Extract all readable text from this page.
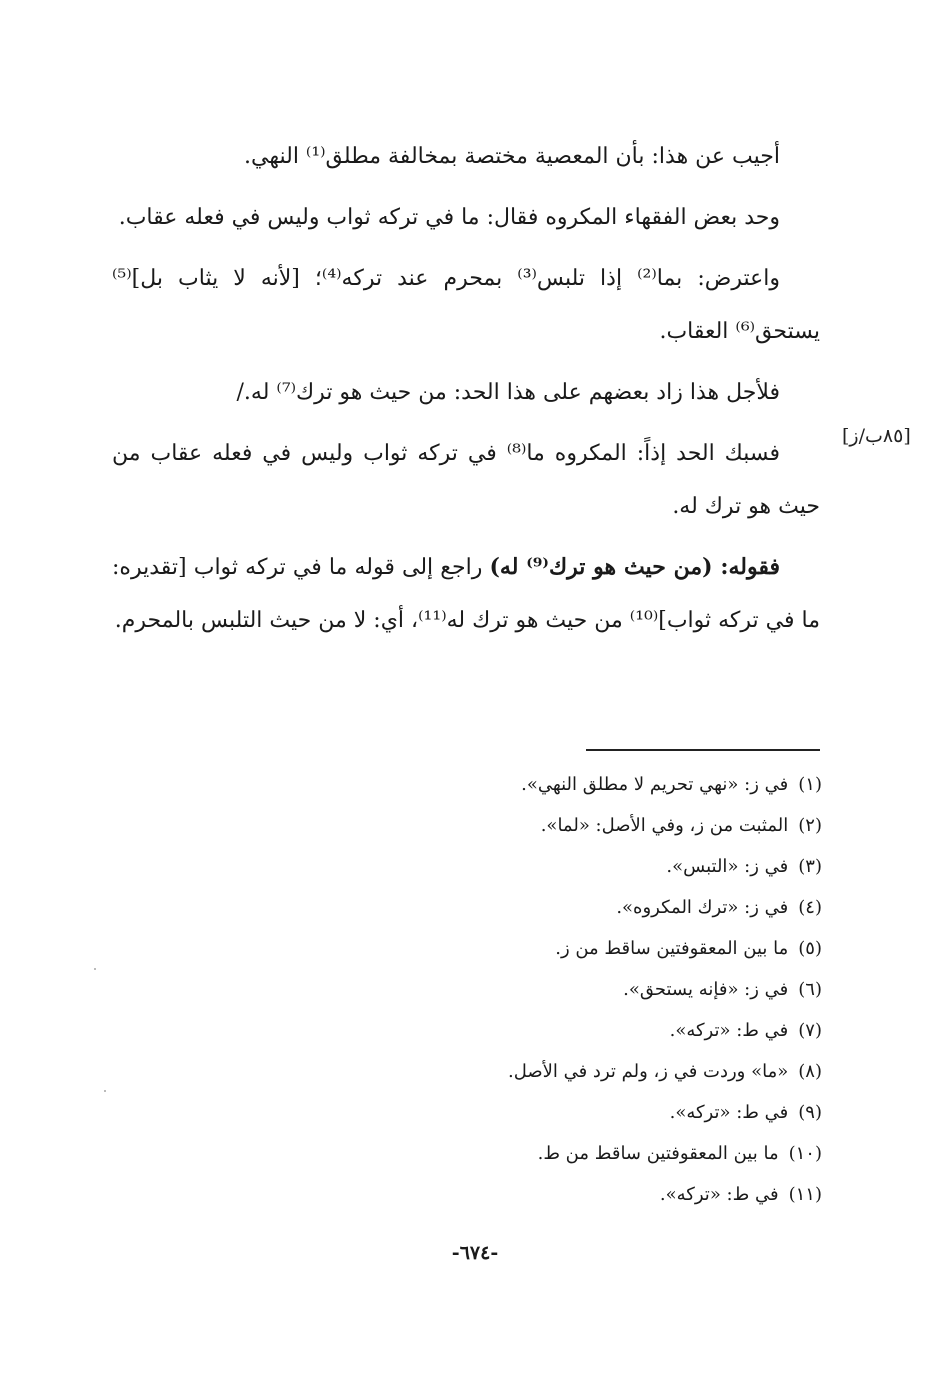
أجيب عن هذا: بأن المعصية مختصة بمخالفة مطلق⁽¹⁾ النهي.

وحد بعض الفقهاء المكروه فقال: ما في تركه ثواب وليس في فعله عقاب.

واعترض: بما⁽²⁾ إذا تلبس⁽³⁾ بمحرم عند تركه⁽⁴⁾؛ [لأنه لا يثاب بل]⁽⁵⁾ يستحق⁽⁶⁾ العقاب.

فلأجل هذا زاد بعضهم على هذا الحد: من حيث هو ترك⁽⁷⁾ له./

فسبك الحد إذاً: المكروه ما⁽⁸⁾ في تركه ثواب وليس في فعله عقاب من حيث هو ترك له.

فقوله: (من حيث هو ترك⁽⁹⁾ له) راجع إلى قوله ما في تركه ثواب [تقديره: ما في تركه ثواب]⁽¹⁰⁾ من حيث هو ترك له⁽¹¹⁾، أي: لا من حيث التلبس بالمحرم.

[٨٥ب/ز]
(١)في ز: «نهي تحريم لا مطلق النهي».
(٢)المثبت من ز، وفي الأصل: «لما».
(٣)في ز: «التبس».
(٤)في ز: «ترك المكروه».
(٥)ما بين المعقوفتين ساقط من ز.
(٦)في ز: «فإنه يستحق».
(٧)في ط: «تركه».
(٨)«ما» وردت في ز، ولم ترد في الأصل.
(٩)في ط: «تركه».
(١٠)ما بين المعقوفتين ساقط من ط.
(١١)في ط: «تركه».
-٦٧٤-
